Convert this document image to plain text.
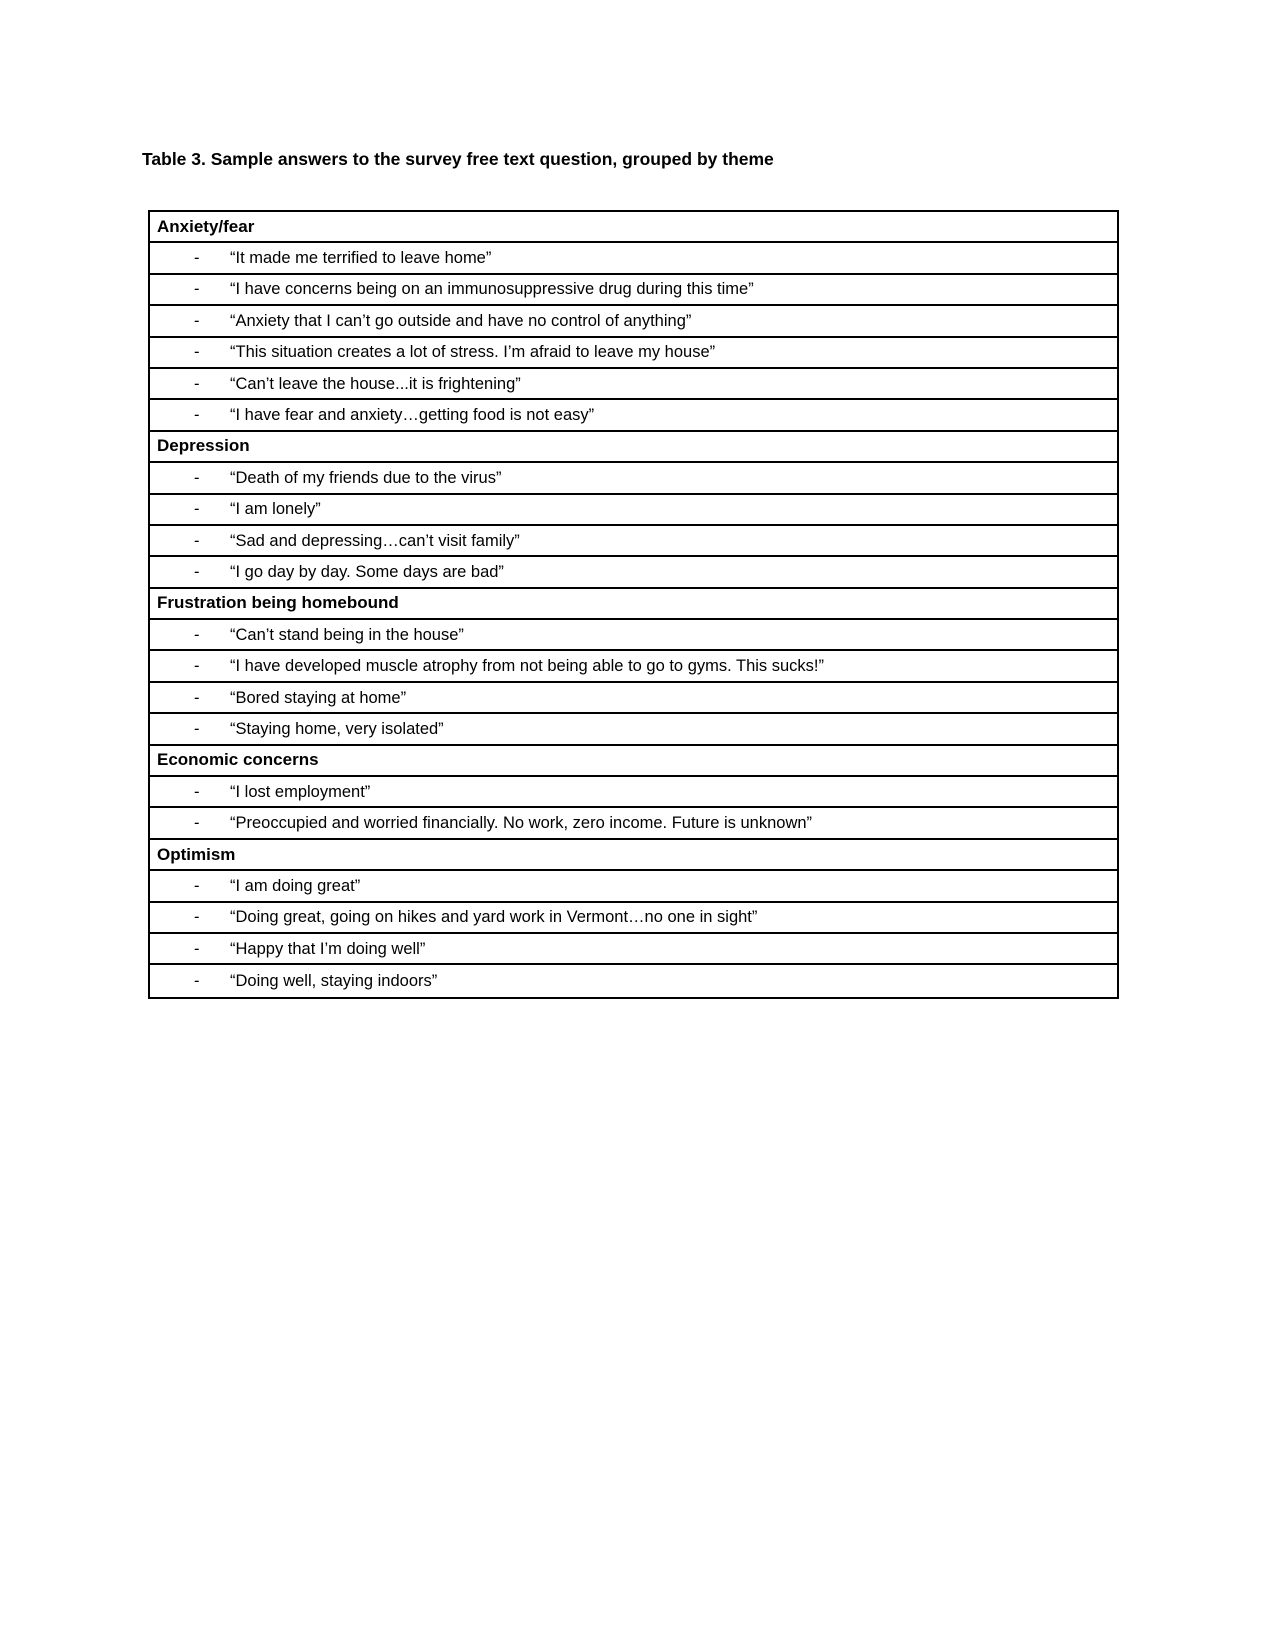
Table 3. Sample answers to the survey free text question, grouped by theme
Anxiety/fear
- “It made me terrified to leave home”
- “I have concerns being on an immunosuppressive drug during this time”
- “Anxiety that I can’t go outside and have no control of anything”
- “This situation creates a lot of stress. I’m afraid to leave my house”
- “Can’t leave the house...it is frightening”
- “I have fear and anxiety…getting food is not easy”
Depression
- “Death of my friends due to the virus”
- “I am lonely”
- “Sad and depressing…can’t visit family”
- “I go day by day. Some days are bad”
Frustration being homebound
- “Can’t stand being in the house”
- “I have developed muscle atrophy from not being able to go to gyms. This sucks!”
- “Bored staying at home”
- “Staying home, very isolated”
Economic concerns
- “I lost employment”
- “Preoccupied and worried financially. No work, zero income. Future is unknown”
Optimism
- “I am doing great”
- “Doing great, going on hikes and yard work in Vermont…no one in sight”
- “Happy that I’m doing well”
- “Doing well, staying indoors”
